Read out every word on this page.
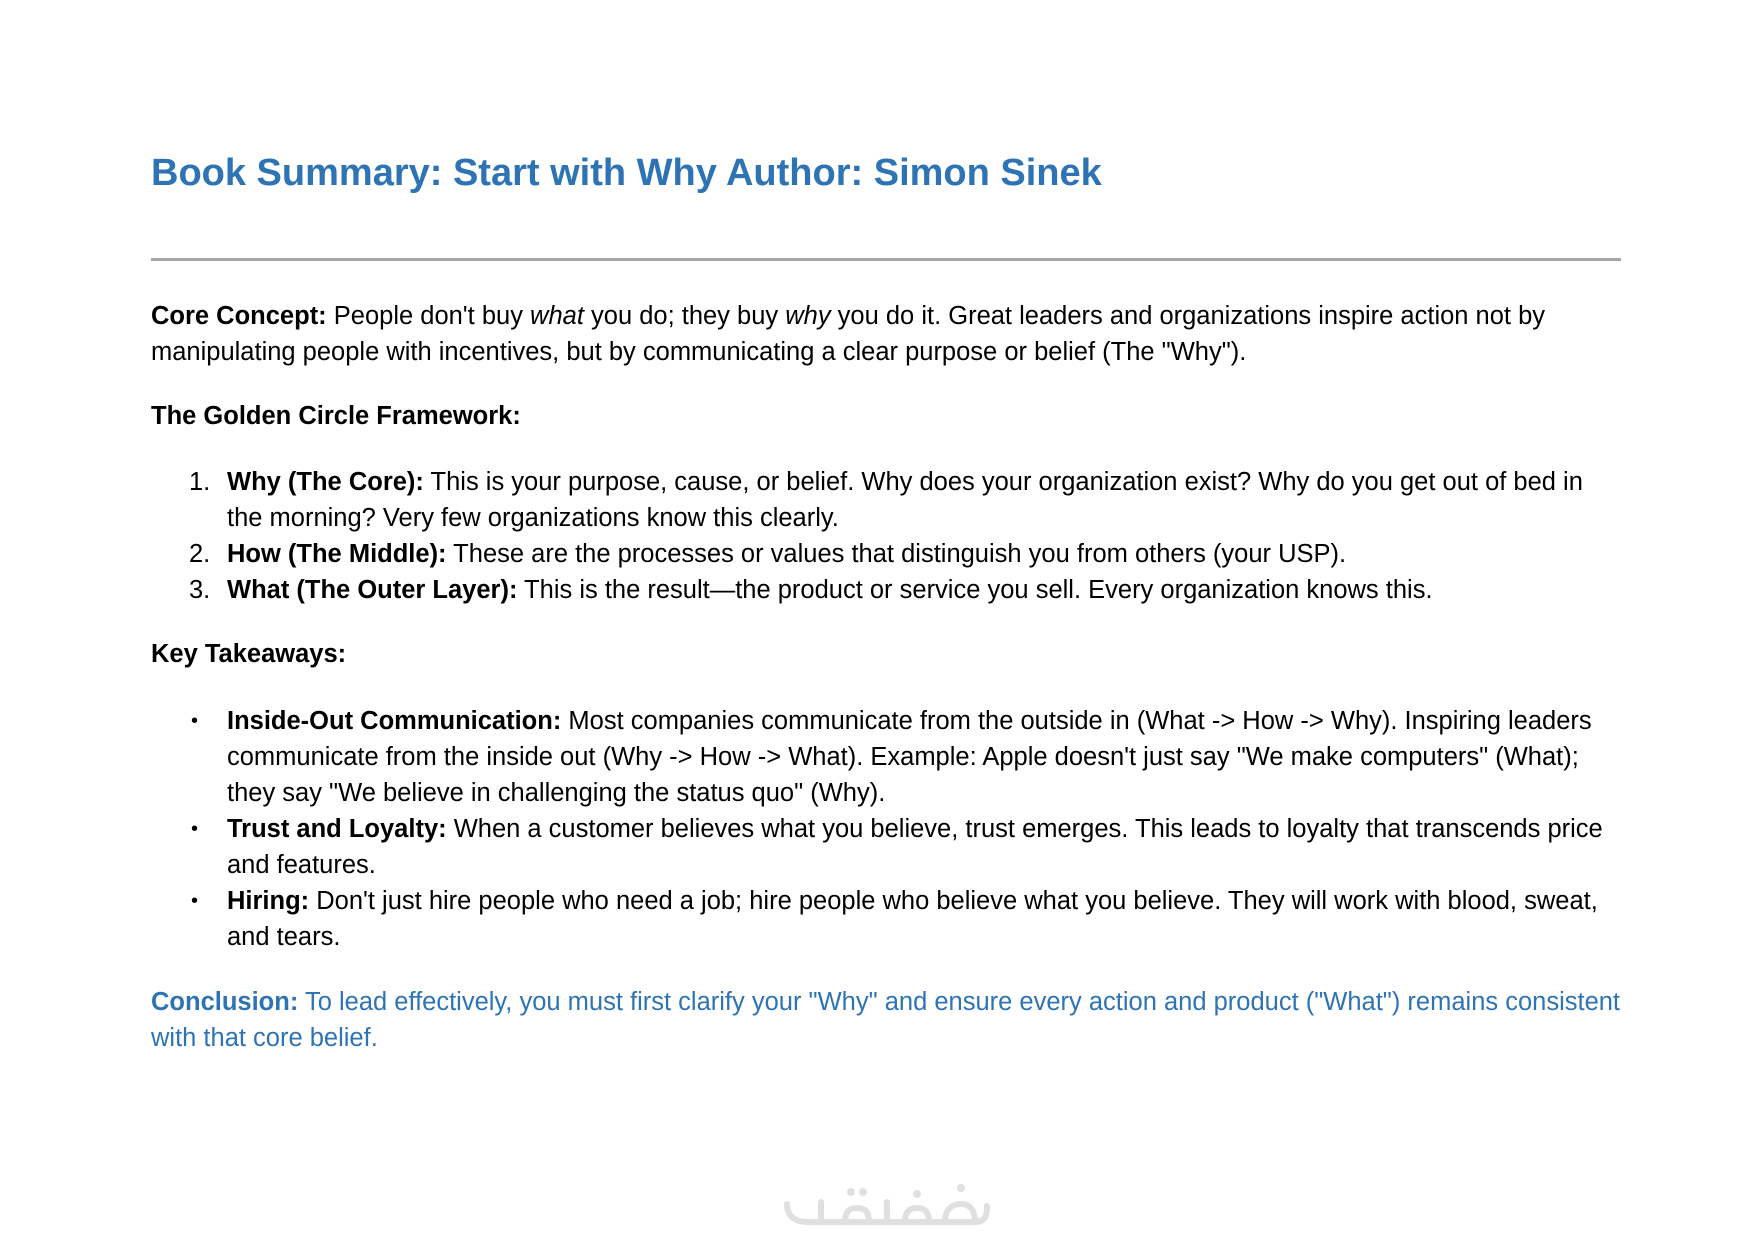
Book Summary: Start with Why Author: Simon Sinek

Core Concept: People don't buy what you do; they buy why you do it. Great leaders and organizations inspire action not by manipulating people with incentives, but by communicating a clear purpose or belief (The "Why").

The Golden Circle Framework:

1. Why (The Core): This is your purpose, cause, or belief. Why does your organization exist? Why do you get out of bed in the morning? Very few organizations know this clearly.
2. How (The Middle): These are the processes or values that distinguish you from others (your USP).
3. What (The Outer Layer): This is the result—the product or service you sell. Every organization knows this.

Key Takeaways:

• Inside-Out Communication: Most companies communicate from the outside in (What -> How -> Why). Inspiring leaders communicate from the inside out (Why -> How -> What). Example: Apple doesn't just say "We make computers" (What); they say "We believe in challenging the status quo" (Why).
• Trust and Loyalty: When a customer believes what you believe, trust emerges. This leads to loyalty that transcends price and features.
• Hiring: Don't just hire people who need a job; hire people who believe what you believe. They will work with blood, sweat, and tears.

Conclusion: To lead effectively, you must first clarify your "Why" and ensure every action and product ("What") remains consistent with that core belief.
